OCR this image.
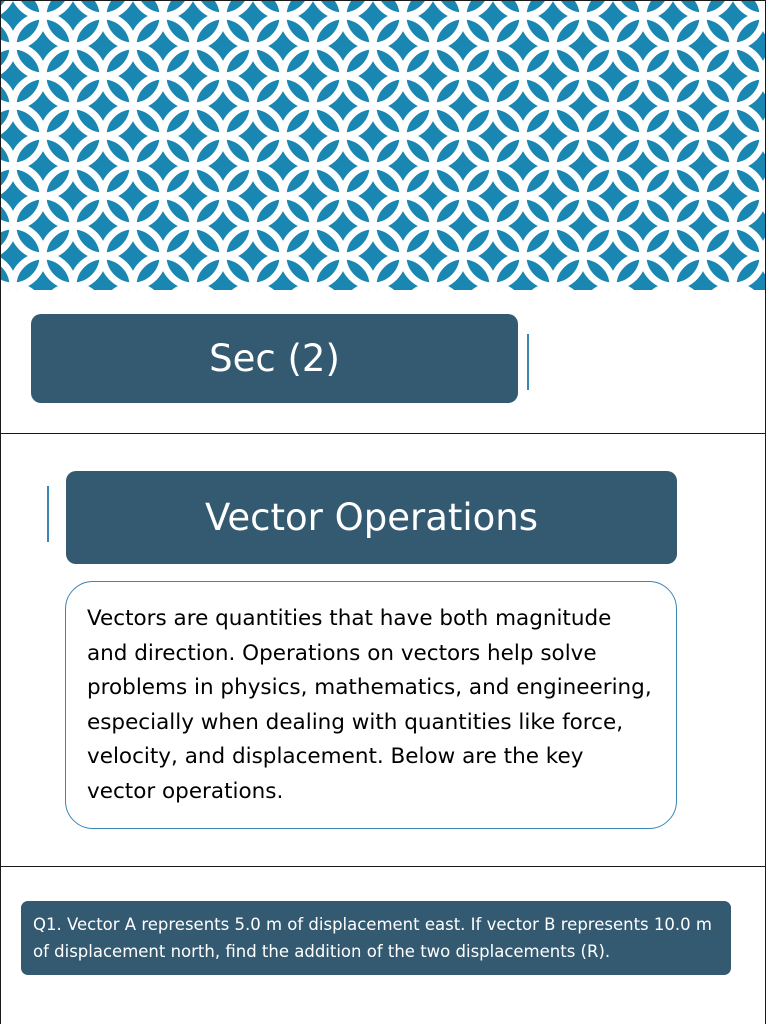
Sec (2)
Vector Operations
Vectors are quantities that have both magnitude and direction. Operations on vectors help solve problems in physics, mathematics, and engineering, especially when dealing with quantities like force, velocity, and displacement. Below are the key vector operations.
Q1. Vector A represents 5.0 m of displacement east. If vector B represents 10.0 m of displacement north, find the addition of the two displacements (R).
